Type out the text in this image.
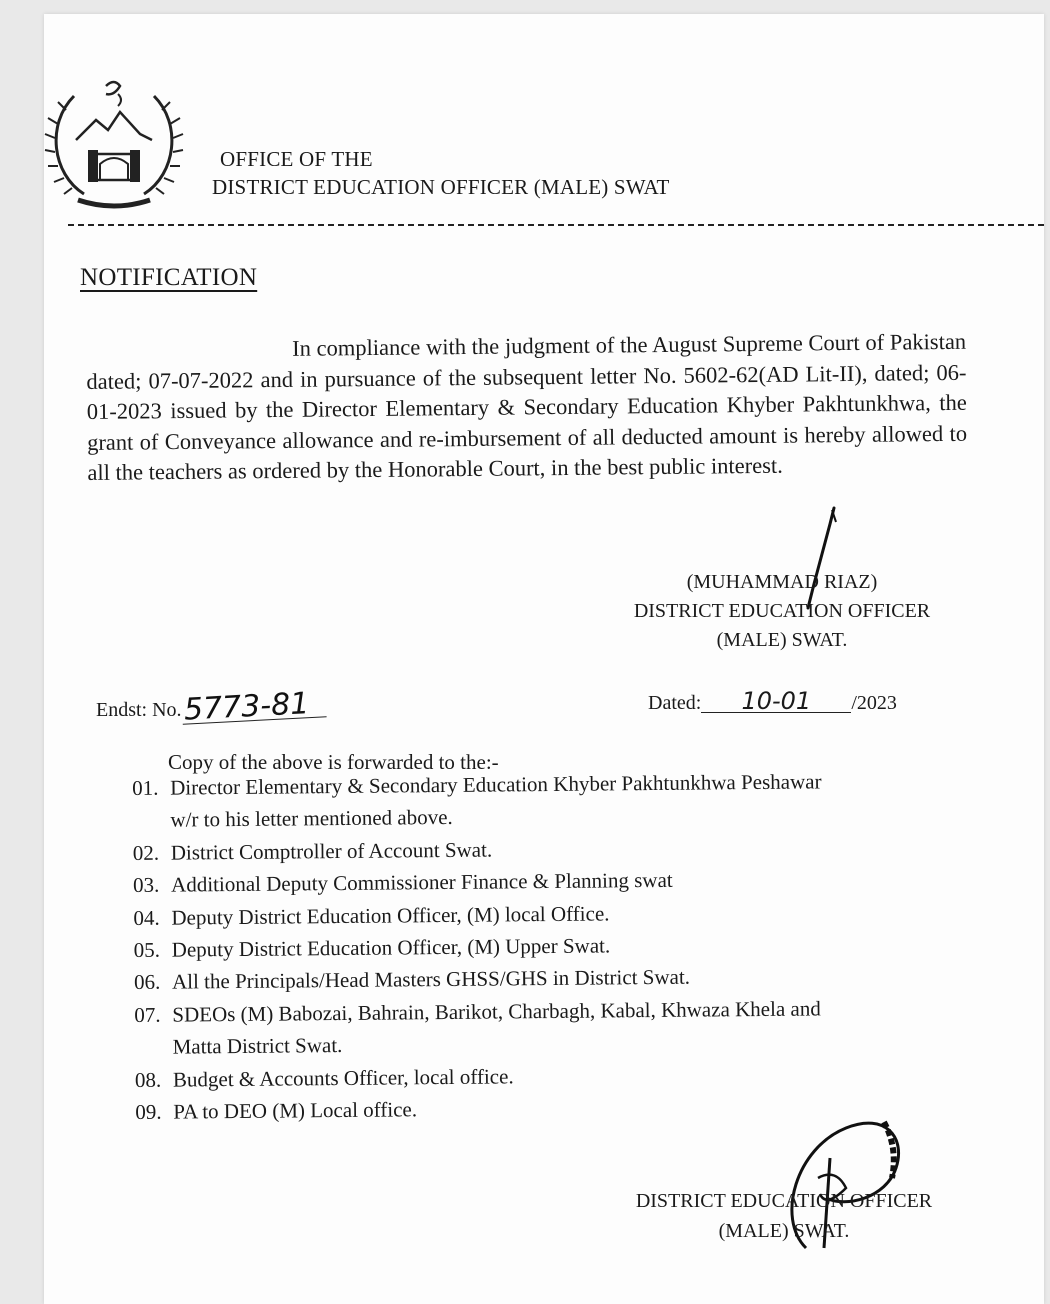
OFFICE OF THE
DISTRICT EDUCATION OFFICER (MALE) SWAT
NOTIFICATION
In compliance with the judgment of the August Supreme Court of Pakistan dated; 07-07-2022 and in pursuance of the subsequent letter No. 5602-62(AD Lit-II), dated; 06-01-2023 issued by the Director Elementary & Secondary Education Khyber Pakhtunkhwa, the grant of Conveyance allowance and re-imbursement of all deducted amount is hereby allowed to all the teachers as ordered by the Honorable Court, in the best public interest.
(MUHAMMAD RIAZ)
DISTRICT EDUCATION OFFICER
(MALE) SWAT.
Endst: No.5773-81	Dated: 10-01 /2023
Copy of the above is forwarded to the:-
01. Director Elementary & Secondary Education Khyber Pakhtunkhwa Peshawar
w/r to his letter mentioned above.
02. District Comptroller of Account Swat.
03. Additional Deputy Commissioner Finance & Planning swat
04. Deputy District Education Officer, (M) local Office.
05. Deputy District Education Officer, (M) Upper Swat.
06. All the Principals/Head Masters GHSS/GHS in District Swat.
07. SDEOs (M) Babozai, Bahrain, Barikot, Charbagh, Kabal, Khwaza Khela and
Matta District Swat.
08. Budget & Accounts Officer, local office.
09. PA to DEO (M) Local office.
DISTRICT EDUCATION OFFICER
(MALE) SWAT.
